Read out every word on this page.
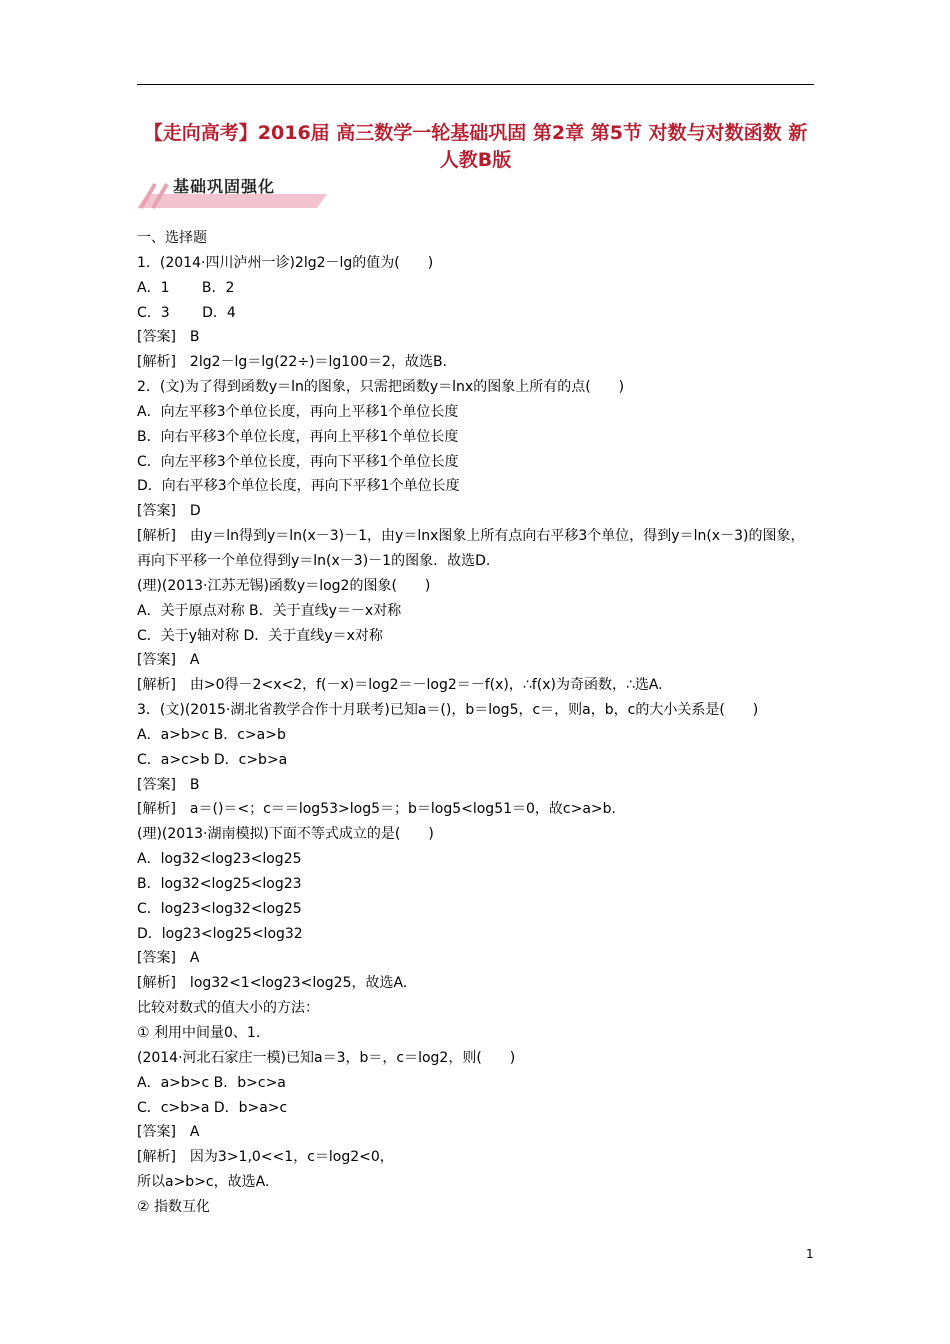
【走向高考】2016届 高三数学一轮基础巩固 第2章 第5节 对数与对数函数 新人教B版
基础巩固强化
一、选择题
1．(2014·四川泸州一诊)2lg2－lg的值为(　　)
A．1　　 B．2
C．3　　 D．4
[答案]　B
[解析]　2lg2－lg＝lg(22÷)＝lg100＝2，故选B.
2．(文)为了得到函数y＝ln的图象，只需把函数y＝lnx的图象上所有的点(　　)
A．向左平移3个单位长度，再向上平移1个单位长度
B．向右平移3个单位长度，再向上平移1个单位长度
C．向左平移3个单位长度，再向下平移1个单位长度
D．向右平移3个单位长度，再向下平移1个单位长度
[答案]　D
[解析]　由y＝ln得到y＝ln(x－3)－1，由y＝lnx图象上所有点向右平移3个单位，得到y＝ln(x－3)的图象，再向下平移一个单位得到y＝ln(x－3)－1的图象．故选D.
(理)(2013·江苏无锡)函数y＝log2的图象(　　)
A．关于原点对称 B．关于直线y＝－x对称
C．关于y轴对称 D．关于直线y＝x对称
[答案]　A
[解析]　由>0得－2<x<2，f(－x)＝log2＝－log2＝－f(x)，∴f(x)为奇函数，∴选A.
3．(文)(2015·湖北省教学合作十月联考)已知a＝()，b＝log5，c＝，则a，b，c的大小关系是(　　)
A．a>b>c B．c>a>b
C．a>c>b D．c>b>a
[答案]　B
[解析]　a＝()＝<；c＝＝log53>log5＝；b＝log5<log51＝0，故c>a>b.
(理)(2013·湖南模拟)下面不等式成立的是(　　)
A．log32<log23<log25
B．log32<log25<log23
C．log23<log32<log25
D．log23<log25<log32
[答案]　A
[解析]　log32<1<log23<log25，故选A.
比较对数式的值大小的方法：
① 利用中间量0、1.
(2014·河北石家庄一模)已知a＝3，b＝，c＝log2，则(　　)
A．a>b>c B．b>c>a
C．c>b>a D．b>a>c
[答案]　A
[解析]　因为3>1,0<<1，c＝log2<0，
所以a>b>c，故选A.
② 指数互化
1
